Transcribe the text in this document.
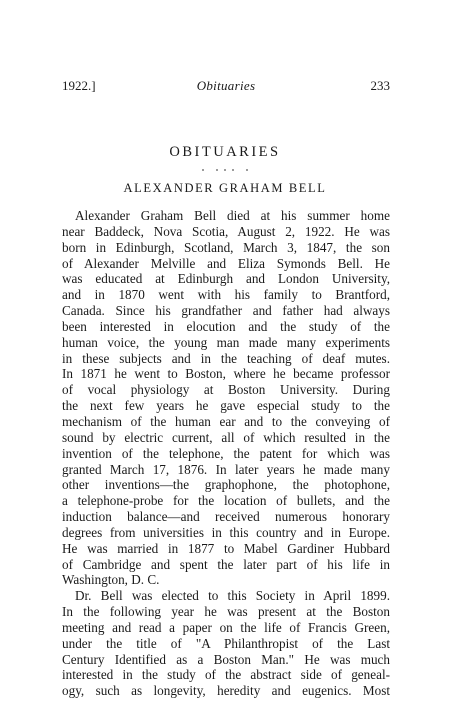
1922.]	Obituaries	233
OBITUARIES
ALEXANDER GRAHAM BELL
Alexander Graham Bell died at his summer home
near Baddeck, Nova Scotia, August 2, 1922. He was
born in Edinburgh, Scotland, March 3, 1847, the son
of Alexander Melville and Eliza Symonds Bell. He
was educated at Edinburgh and London University,
and in 1870 went with his family to Brantford,
Canada. Since his grandfather and father had always
been interested in elocution and the study of the
human voice, the young man made many experiments
in these subjects and in the teaching of deaf mutes.
In 1871 he went to Boston, where he became professor
of vocal physiology at Boston University. During
the next few years he gave especial study to the
mechanism of the human ear and to the conveying of
sound by electric current, all of which resulted in the
invention of the telephone, the patent for which was
granted March 17, 1876. In later years he made many
other inventions—the graphophone, the photophone,
a telephone-probe for the location of bullets, and the
induction balance—and received numerous honorary
degrees from universities in this country and in Europe.
He was married in 1877 to Mabel Gardiner Hubbard
of Cambridge and spent the later part of his life in
Washington, D. C.
Dr. Bell was elected to this Society in April 1899.
In the following year he was present at the Boston
meeting and read a paper on the life of Francis Green,
under the title of "A Philanthropist of the Last
Century Identified as a Boston Man." He was much
interested in the study of the abstract side of geneal-
ogy, such as longevity, heredity and eugenics. Most
